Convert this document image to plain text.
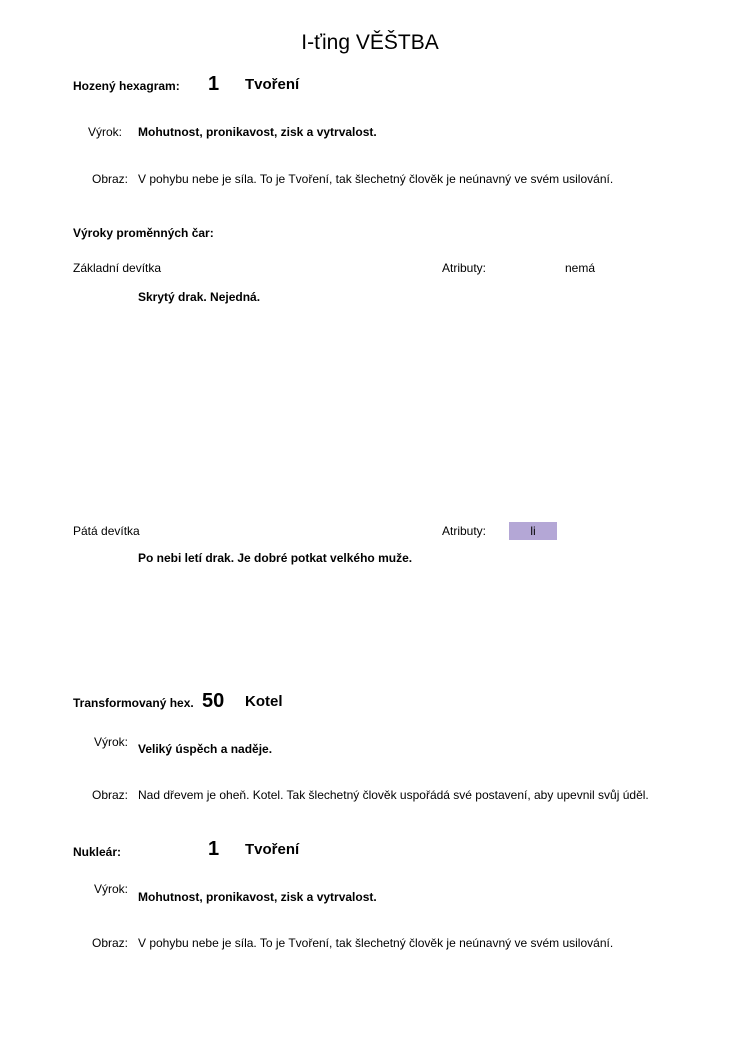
I-ťing VĚŠTBA
Hozený hexagram: 1 Tvoření
Výrok: Mohutnost, pronikavost, zisk a vytrvalost.
Obraz: V pohybu nebe je síla. To je Tvoření, tak šlechetný člověk je neúnavný ve svém usilování.
Výroky proměnných čar:
Základní devítka	Atributy:	nemá
Skrytý drak. Nejedná.
Pátá devítka	Atributy:	li
Po nebi letí drak. Je dobré potkat velkého muže.
Transformovaný hex. 50 Kotel
Výrok: Veliký úspěch a naděje.
Obraz: Nad dřevem je oheň. Kotel. Tak šlechetný člověk uspořádá své postavení, aby upevnil svůj úděl.
Nukleár:	1 Tvoření
Výrok:
Mohutnost, pronikavost, zisk a vytrvalost.
Obraz: V pohybu nebe je síla. To je Tvoření, tak šlechetný člověk je neúnavný ve svém usilování.
